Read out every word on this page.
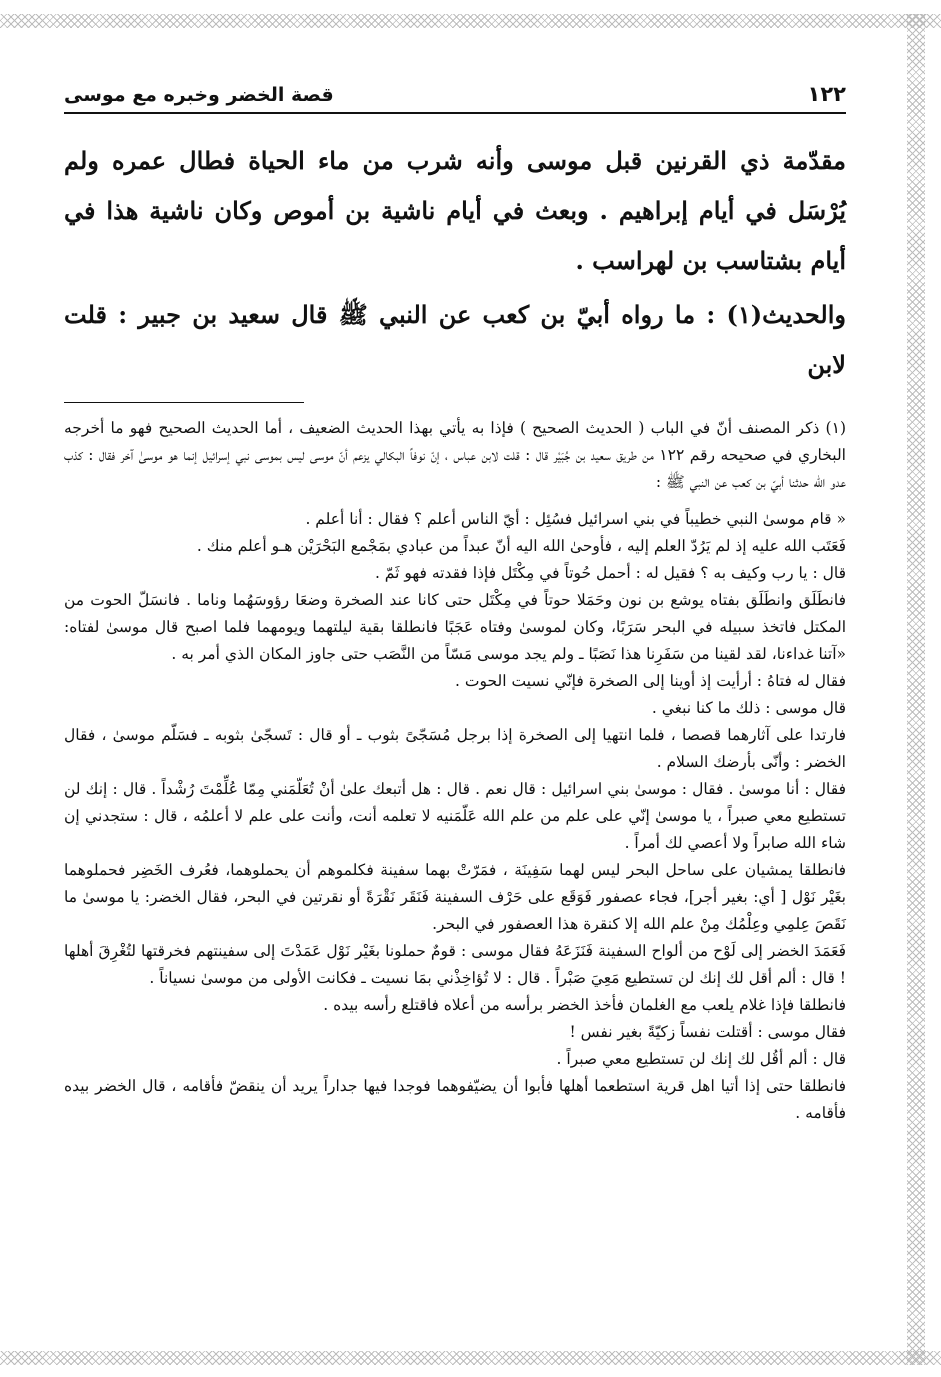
١٢٢
قصة الخضر وخبره مع موسى

مقدّمة ذي القرنين قبل موسى وأنه شرب من ماء الحياة فطال عمره ولم يُرْسَل في أيام إبراهيم . وبعث في أيام ناشية بن أموص وكان ناشية هذا في أيام بشتاسب بن لهراسب .

والحديث(١) : ما رواه أبيّ بن كعب عن النبي ﷺ قال سعيد بن جبير : قلت لابن

(١) ذكر المصنف أنّ في الباب ( الحديث الصحيح ) فإذا به يأتي بهذا الحديث الضعيف ، أما الحديث الصحيح فهو ما أخرجه البخاري في صحيحه رقم ١٢٢ من طريق سعيد بن جُبَيْر قال : قلت لابن عباس ، إنّ نوفاً البكالي يزعم أنّ موسى ليس بموسى نبي إسرائيل إنما هو موسىٰ آخر فقال : كذب عدو الله حدثنا أبيّ بن كعب عن النبي ﷺ :

« قام موسىٰ النبي خطيباً في بني اسرائيل فسُئِل : أيّ الناس أعلم ؟ فقال : أنا أعلم .

فَعَتَب الله عليه إذ لم يَرُدّ العلم إليه ، فأوحىٰ الله اليه أنّ عبداً من عبادي بمَجْمع البَحْرَيْن هـو أعلم منك .

قال : يا رب وكيف به ؟ فقيل له : أحمل حُوتاً في مِكْتَل فإذا فقدته فهو ثَمّ .

فانطَلَق وانطَلَق بفتاه يوشع بن نون وحَمَلا حوتاً في مِكْتَل حتى كانا عند الصخرة وضعَا رؤوسَهُما وناما . فانسَلّ الحوت من المكتل فاتخذ سبيله في البحر سَرَبًا، وكان لموسىٰ وفتاه عَجَبًا فانطلقا بقية ليلتهما ويومهما فلما اصبح قال موسىٰ لفتاه: «آتنا غداءنا، لقد لقينا من سَفَرِنا هذا نَصَبًا ـ ولم يجد موسى مَسّاً من النَّصَب حتى جاوز المكان الذي أمر به .

فقال له فتاهُ : أرأيت إذ أوينا إلى الصخرة فإنّي نسيت الحوت .

قال موسى : ذلك ما كنا نبغي .

فارتدا على آثارهما قصصا ، فلما انتهيا إلى الصخرة إذا برجل مُسَجّىً بثوب ـ أو قال : تَسجّىٰ بثوبه ـ فسَلّم موسىٰ ، فقال الخضر : وأنّى بأرضك السلام .

فقال : أنا موسىٰ . فقال : موسىٰ بني اسرائيل : قال نعم . قال : هل أتبعك علىٰ أنْ تُعَلّمَني مِمّا عُلِّمْتَ رُشْداً . قال : إنك لن تستطيع معي صبراً ، يا موسىٰ إنّي على علم من علم الله عَلّمَنيه لا تعلمه أنت، وأنت على علم لا أعلمُه ، قال : ستجدني إن شاء الله صابراً ولا أعصي لك أمراً .

فانطلقا يمشيان على ساحل البحر ليس لهما سَفِينَة ، فمَرّتْ بهما سفينة فكلموهم أن يحملوهما، فعُرف الخَضِر فحملوهما بغَيْر نَوْل [ أي: بغير أجر]، فجاء عصفور فَوَقَع على حَرْف السفينة فَنَقَر نَقْرَةً أو نقرتين في البحر، فقال الخضر: يا موسىٰ ما نَقَصَ عِلمِي وعِلْمُك مِنْ علم الله إلا كنقرة هذا العصفور في البحر.

فَعَمَدَ الخضر إلى لَوْح من ألواح السفينة فَنَزَعَهُ فقال موسى : قومٌ حملونا بغَيْر نَوْل عَمَدْتَ إلى سفينتهم فخرقتها لتُغْرِقَ أهلها ! قال : ألم أقل لك إنك لن تستطيع مَعِيَ صَبْراً . قال : لا تُؤاخِذْني بمَا نسيت ـ فكانت الأولى من موسىٰ نسياناً .

فانطلقا فإذا غلام يلعب مع الغلمان فأخذ الخضر برأسه من أعلاه فاقتلع رأسه بيده .

فقال موسى : أقتلت نفساً زكيّةً بغير نفس !

قال : ألم أقُل لك إنك لن تستطيع معي صبراً .

فانطلقا حتى إذا أتيا اهل قرية استطعما أهلها فأبوا أن يضيّفوهما فوجدا فيها جداراً يريد أن ينقضّ فأقامه ، قال الخضر بيده فأقامه .
